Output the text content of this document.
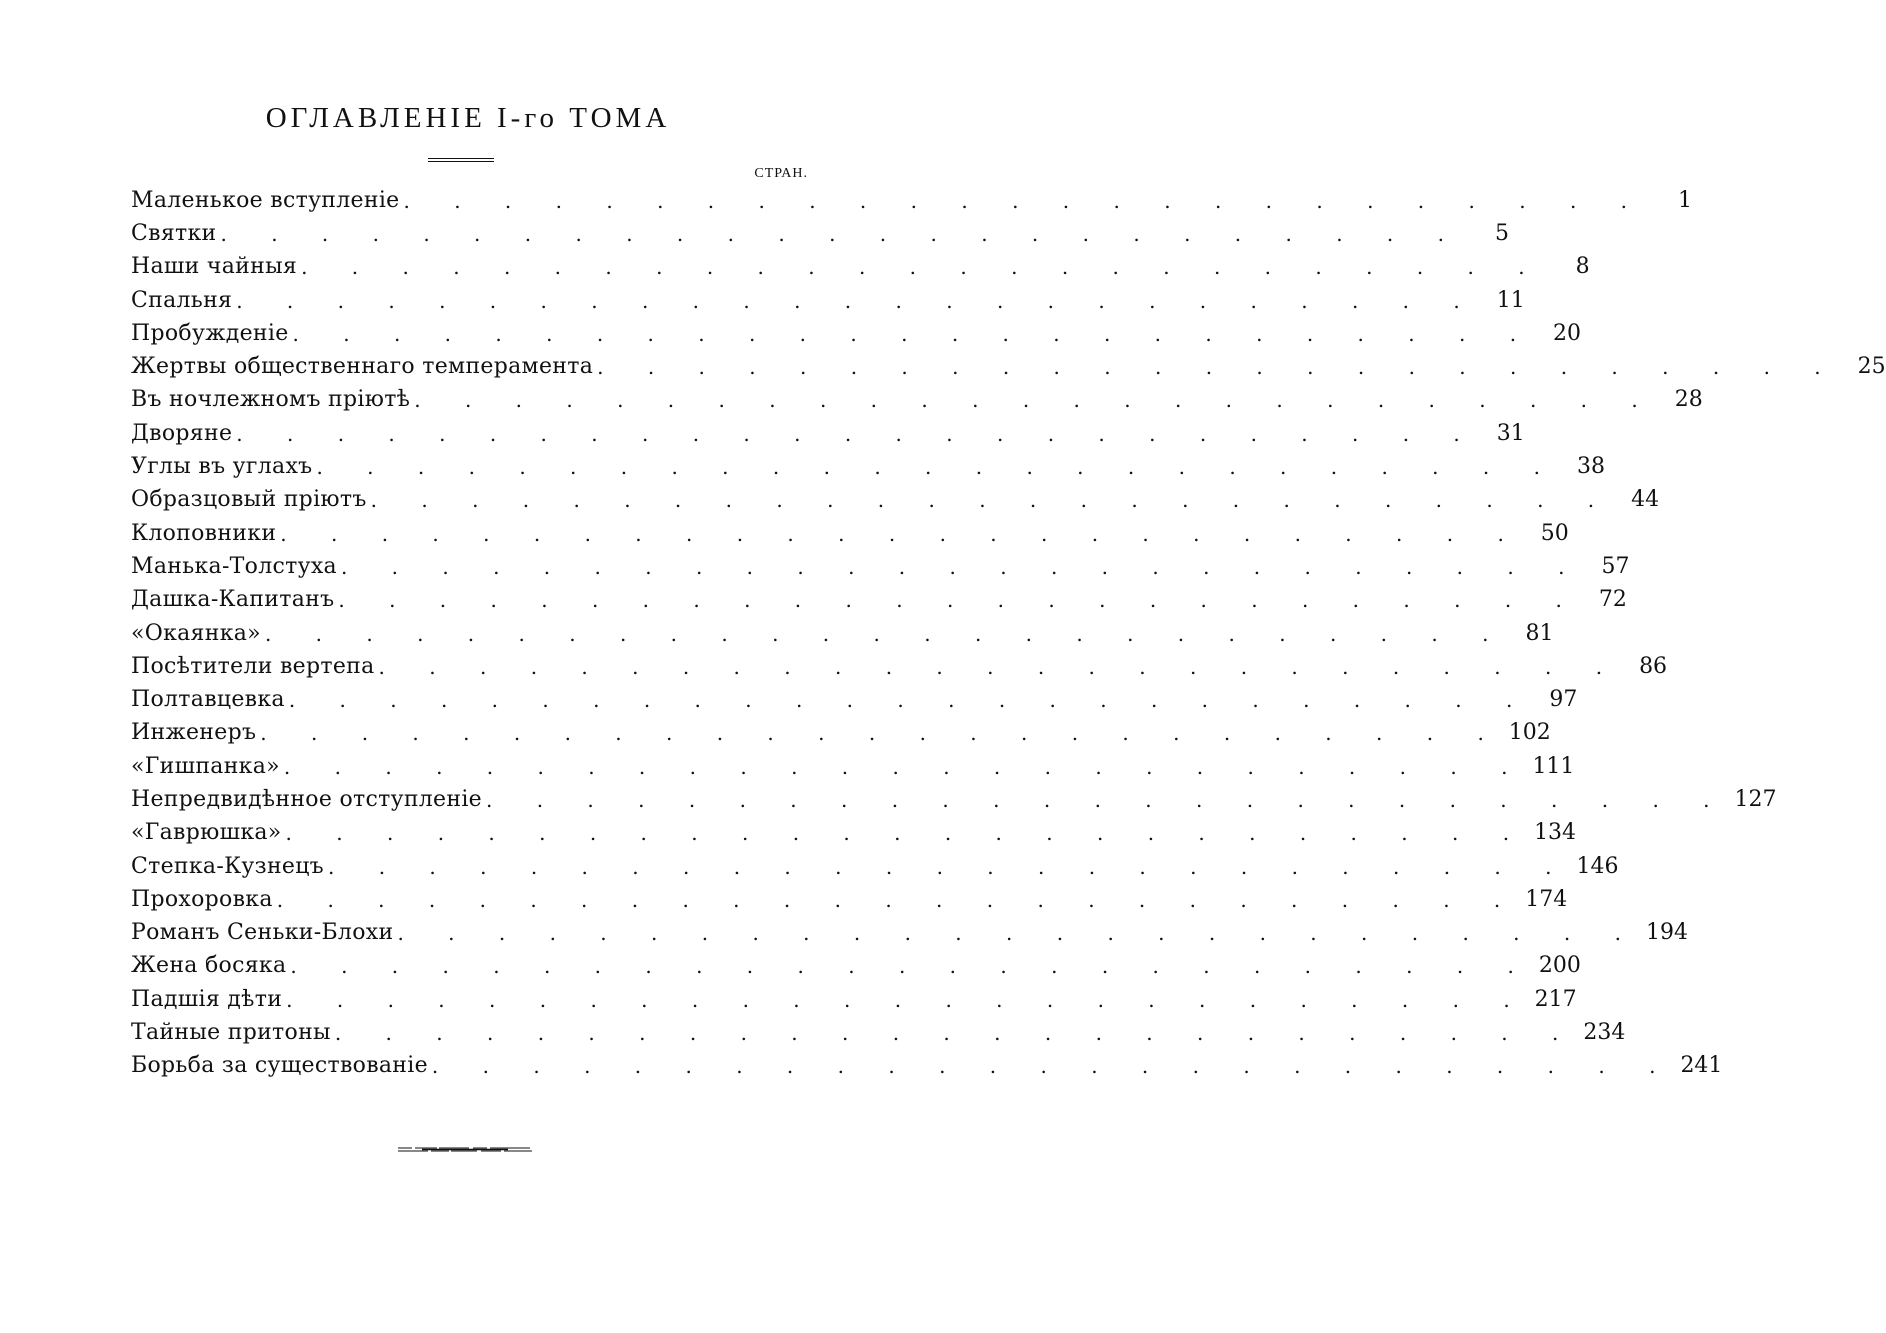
ОГЛАВЛЕНIЕ I-го ТОМА
СТРАН.
Маленькое вступленiе . . . . . . . . . . . . . . . . . . . . . . . . .	1
Святки . . . . . . . . . . . . . . . . . . . . . . . . .	5
Наши чайныя . . . . . . . . . . . . . . . . . . . . . . . . .	8
Спальня . . . . . . . . . . . . . . . . . . . . . . . . . 11
Пробужденiе . . . . . . . . . . . . . . . . . . . . . . . . . 20
Жертвы общественнаго темперамента . . . . . . . . . . . . . . . . . . . . . . . . . 25
Въ ночлежномъ прiютѣ . . . . . . . . . . . . . . . . . . . . . . . . . 28
Дворяне . . . . . . . . . . . . . . . . . . . . . . . . . 31
Углы въ углахъ . . . . . . . . . . . . . . . . . . . . . . . . . 38
Образцовый прiютъ . . . . . . . . . . . . . . . . . . . . . . . . . 44
Клоповники . . . . . . . . . . . . . . . . . . . . . . . . . 50
Манька-Толстуха . . . . . . . . . . . . . . . . . . . . . . . . . 57
Дашка-Капитанъ . . . . . . . . . . . . . . . . . . . . . . . . . 72
«Окаянка» . . . . . . . . . . . . . . . . . . . . . . . . . 81
Посѣтители вертепа . . . . . . . . . . . . . . . . . . . . . . . . . 86
Полтавцевка . . . . . . . . . . . . . . . . . . . . . . . . . 97
Инженеръ . . . . . . . . . . . . . . . . . . . . . . . . . 102
«Гишпанка» . . . . . . . . . . . . . . . . . . . . . . . . . 111
Непредвидѣнное отступленiе . . . . . . . . . . . . . . . . . . . . . . . . . 127
«Гаврюшка» . . . . . . . . . . . . . . . . . . . . . . . . . 134
Степка-Кузнецъ . . . . . . . . . . . . . . . . . . . . . . . . . 146
Прохоровка . . . . . . . . . . . . . . . . . . . . . . . . . 174
Романъ Сеньки-Блохи . . . . . . . . . . . . . . . . . . . . . . . . . 194
Жена босяка . . . . . . . . . . . . . . . . . . . . . . . . . 200
Падшiя дѣти . . . . . . . . . . . . . . . . . . . . . . . . . 217
Тайные притоны . . . . . . . . . . . . . . . . . . . . . . . . . 234
Борьба за существованiе . . . . . . . . . . . . . . . . . . . . . . . . . 241
